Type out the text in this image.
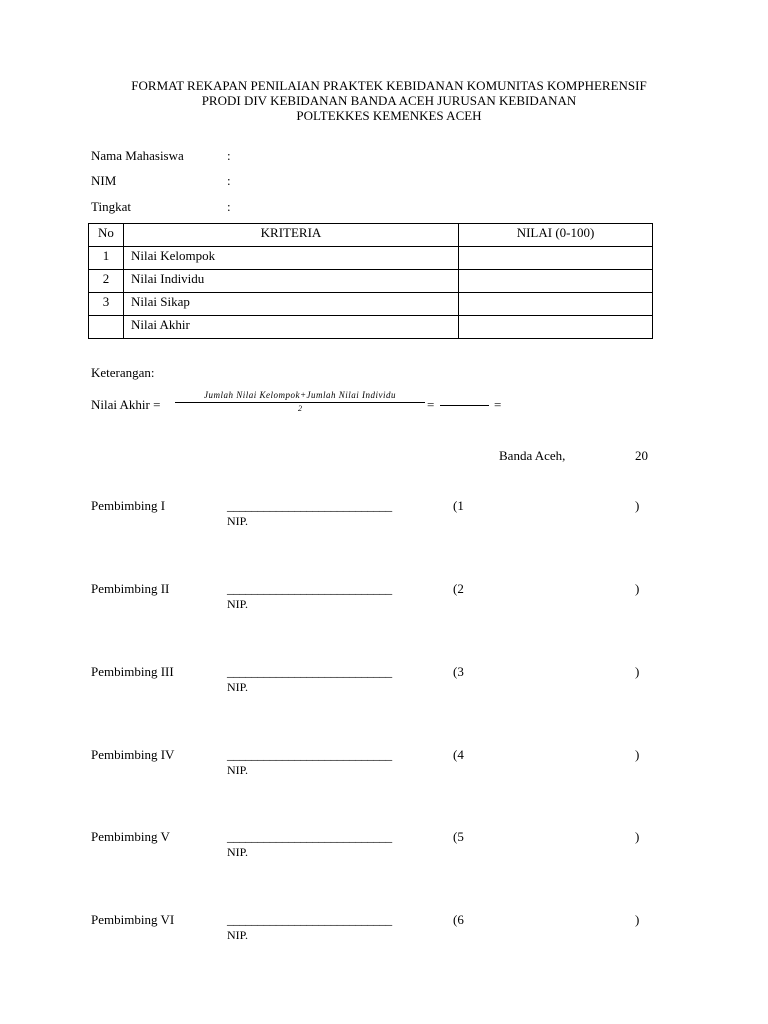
FORMAT REKAPAN PENILAIAN PRAKTEK KEBIDANAN KOMUNITAS KOMPHERENSIF
PRODI DIV KEBIDANAN BANDA ACEH JURUSAN KEBIDANAN
POLTEKKES KEMENKES ACEH
Nama Mahasiswa	:
NIM	:
Tingkat	:
No	KRITERIA	NILAI (0-100)
1	Nilai Kelompok	
2	Nilai Individu	
3	Nilai Sikap	
	Nilai Akhir	
Keterangan:
Nilai Akhir =
Jumlah Nilai Kelompok+Jumlah Nilai Individu
2	=	=
Banda Aceh,	20
Pembimbing I	___________________________	(1	)
NIP.
Pembimbing II	___________________________	(2	)
NIP.
Pembimbing III	___________________________	(3	)
NIP.
Pembimbing IV	___________________________	(4	)
NIP.
Pembimbing V	___________________________	(5	)
NIP.
Pembimbing VI	___________________________	(6	)
NIP.
